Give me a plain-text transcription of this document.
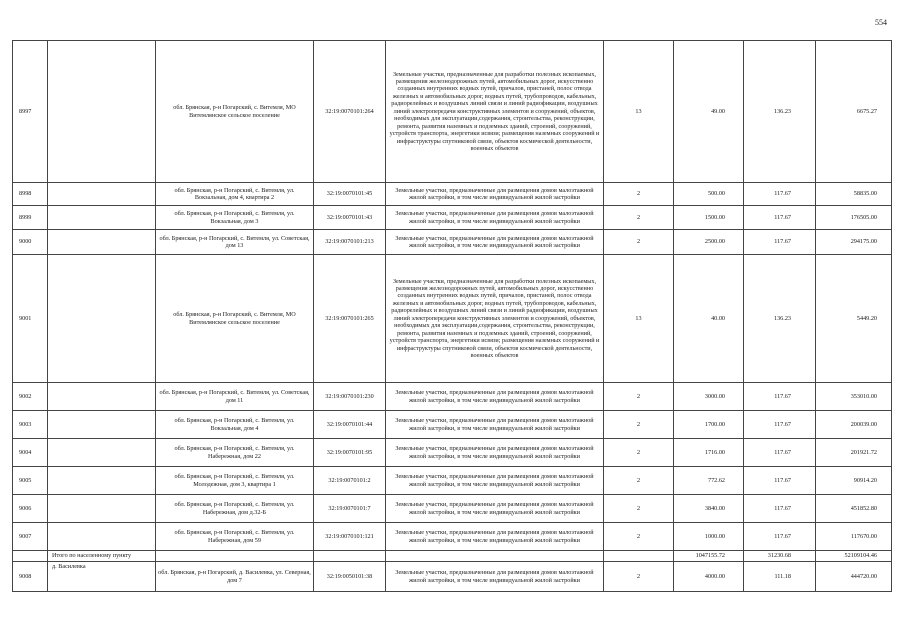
554
8997		обл. Брянская, р-н Погарский, с. Витемля, МО Витемлянское сельское поселение	32:19:0070101:264	Земельные участки, предназначенные для разработки полезных ископаемых, размещения железнодорожных путей, автомобильных дорог, искусственно созданных внутренних водных путей, причалов, пристаней, полос отвода железных и автомобильных дорог, водных путей, трубопроводов, кабельных, радиорелейных и воздушных линий связи и линий радиофикации, воздушных линий электропередачи конструктивных элементов и сооружений, объектов, необходимых для эксплуатации,содержания, строительства, реконструкции, ремонта, развития наземных и подземных зданий, строений, сооружений, устройств транспорта, энергетики исвязи; размещения наземных сооружений и инфраструктуры спутниковой связи, объектов космической деятельности, военных объектов	13	49.00	136.23	6675.27
8998		обл. Брянская, р-н Погарский, с. Витемля, ул. Вокзальная, дом 4, квартира 2	32:19:0070101:45	Земельные участки, предназначенные для размещения домов малоэтажной жилой застройки, в том числе индивидуальной жилой застройки	2	500.00	117.67	58835.00
8999		обл. Брянская, р-н Погарский, с. Витемля, ул. Вокзальная, дом 3	32:19:0070101:43	Земельные участки, предназначенные для размещения домов малоэтажной жилой застройки, в том числе индивидуальной жилой застройки	2	1500.00	117.67	176505.00
9000		обл. Брянская, р-н Погарский, с. Витемля, ул. Советская, дом 13	32:19:0070101:213	Земельные участки, предназначенные для размещения домов малоэтажной жилой застройки, в том числе индивидуальной жилой застройки	2	2500.00	117.67	294175.00
9001		обл. Брянская, р-н Погарский, с. Витемля, МО Витемлянское сельское поселение	32:19:0070101:265	Земельные участки, предназначенные для разработки полезных ископаемых, размещения железнодорожных путей, автомобильных дорог, искусственно созданных внутренних водных путей, причалов, пристаней, полос отвода железных и автомобильных дорог, водных путей, трубопроводов, кабельных, радиорелейных и воздушных линий связи и линий радиофикации, воздушных линий электропередачи конструктивных элементов и сооружений, объектов, необходимых для эксплуатации,содержания, строительства, реконструкции, ремонта, развития наземных и подземных зданий, строений, сооружений, устройств транспорта, энергетики исвязи; размещения наземных сооружений и инфраструктуры спутниковой связи, объектов космической деятельности, военных объектов	13	40.00	136.23	5449.20
9002		обл. Брянская, р-н Погарский, с. Витемля, ул. Советская, дом 11	32:19:0070101:230	Земельные участки, предназначенные для размещения домов малоэтажной жилой застройки, в том числе индивидуальной жилой застройки	2	3000.00	117.67	353010.00
9003		обл. Брянская, р-н Погарский, с. Витемля, ул. Вокзальная, дом 4	32:19:0070101:44	Земельные участки, предназначенные для размещения домов малоэтажной жилой застройки, в том числе индивидуальной жилой застройки	2	1700.00	117.67	200039.00
9004		обл. Брянская, р-н Погарский, с. Витемля, ул. Набережная, дом 22	32:19:0070101:95	Земельные участки, предназначенные для размещения домов малоэтажной жилой застройки, в том числе индивидуальной жилой застройки	2	1716.00	117.67	201921.72
9005		обл. Брянская, р-н Погарский, с. Витемля, ул. Молодежная, дом 3, квартира 1	32:19:0070101:2	Земельные участки, предназначенные для размещения домов малоэтажной жилой застройки, в том числе индивидуальной жилой застройки	2	772.62	117.67	90914.20
9006		обл. Брянская, р-н Погарский, с. Витемля, ул. Набережная, дом д.32-Б	32:19:0070101:7	Земельные участки, предназначенные для размещения домов малоэтажной жилой застройки, в том числе индивидуальной жилой застройки	2	3840.00	117.67	451852.80
9007		обл. Брянская, р-н Погарский, с. Витемля, ул. Набережная, дом 59	32:19:0070101:121	Земельные участки, предназначенные для размещения домов малоэтажной жилой застройки, в том числе индивидуальной жилой застройки	2	1000.00	117.67	117670.00
	Итого по населенному пункту					1047155.72	31230.68	52109104.46
9008	д. Василевка	обл. Брянская, р-н Погарский, д. Василевка, ул. Северная, дом 7	32:19:0050101:38	Земельные участки, предназначенные для размещения домов малоэтажной жилой застройки, в том числе индивидуальной жилой застройки	2	4000.00	111.18	444720.00
